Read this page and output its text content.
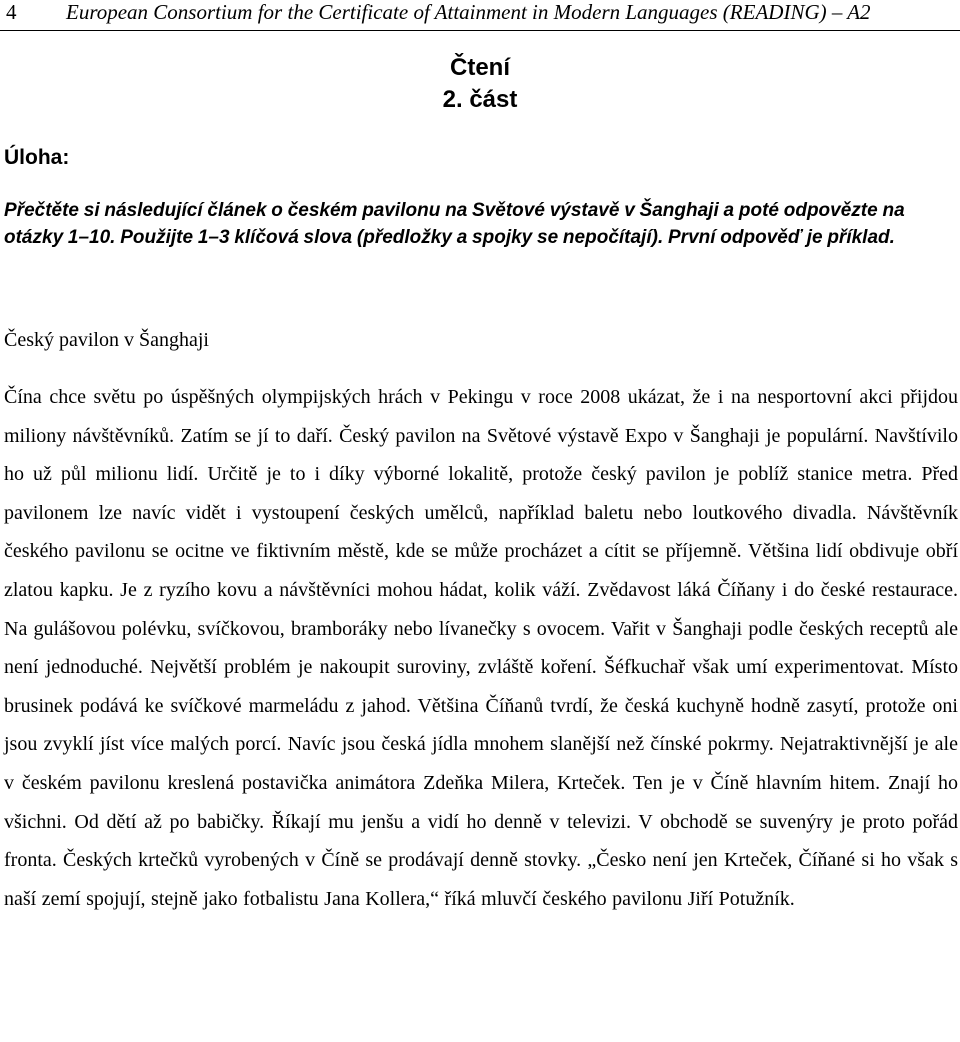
4 European Consortium for the Certificate of Attainment in Modern Languages (READING) – A2
Čtení
2. část
Úloha:
Přečtěte si následující článek o českém pavilonu na Světové výstavě v Šanghaji a poté odpovězte na otázky 1–10. Použijte 1–3 klíčová slova (předložky a spojky se nepočítají). První odpověď je příklad.
Český pavilon v Šanghaji
Čína chce světu po úspěšných olympijských hrách v Pekingu v roce 2008 ukázat, že i na nesportovní akci přijdou miliony návštěvníků. Zatím se jí to daří. Český pavilon na Světové výstavě Expo v Šanghaji je populární. Navštívilo ho už půl milionu lidí. Určitě je to i díky výborné lokalitě, protože český pavilon je poblíž stanice metra. Před pavilonem lze navíc vidět i vystoupení českých umělců, například baletu nebo loutkového divadla. Návštěvník českého pavilonu se ocitne ve fiktivním městě, kde se může procházet a cítit se příjemně. Většina lidí obdivuje obří zlatou kapku. Je z ryzího kovu a návštěvníci mohou hádat, kolik váží. Zvědavost láká Číňany i do české restaurace. Na gulášovou polévku, svíčkovou, bramboráky nebo lívanečky s ovocem. Vařit v Šanghaji podle českých receptů ale není jednoduché. Největší problém je nakoupit suroviny, zvláště koření. Šéfkuchař však umí experimentovat. Místo brusinek podává ke svíčkové marmeládu z jahod. Většina Číňanů tvrdí, že česká kuchyně hodně zasytí, protože oni jsou zvyklí jíst více malých porcí. Navíc jsou česká jídla mnohem slanější než čínské pokrmy. Nejatraktivnější je ale v českém pavilonu kreslená postavička animátora Zdeňka Milera, Krteček. Ten je v Číně hlavním hitem. Znají ho všichni. Od dětí až po babičky. Říkají mu jenšu a vidí ho denně v televizi. V obchodě se suvenýry je proto pořád fronta. Českých krtečků vyrobených v Číně se prodávají denně stovky. „Česko není jen Krteček, Číňané si ho však s naší zemí spojují, stejně jako fotbalistu Jana Kollera,“ říká mluvčí českého pavilonu Jiří Potužník.
